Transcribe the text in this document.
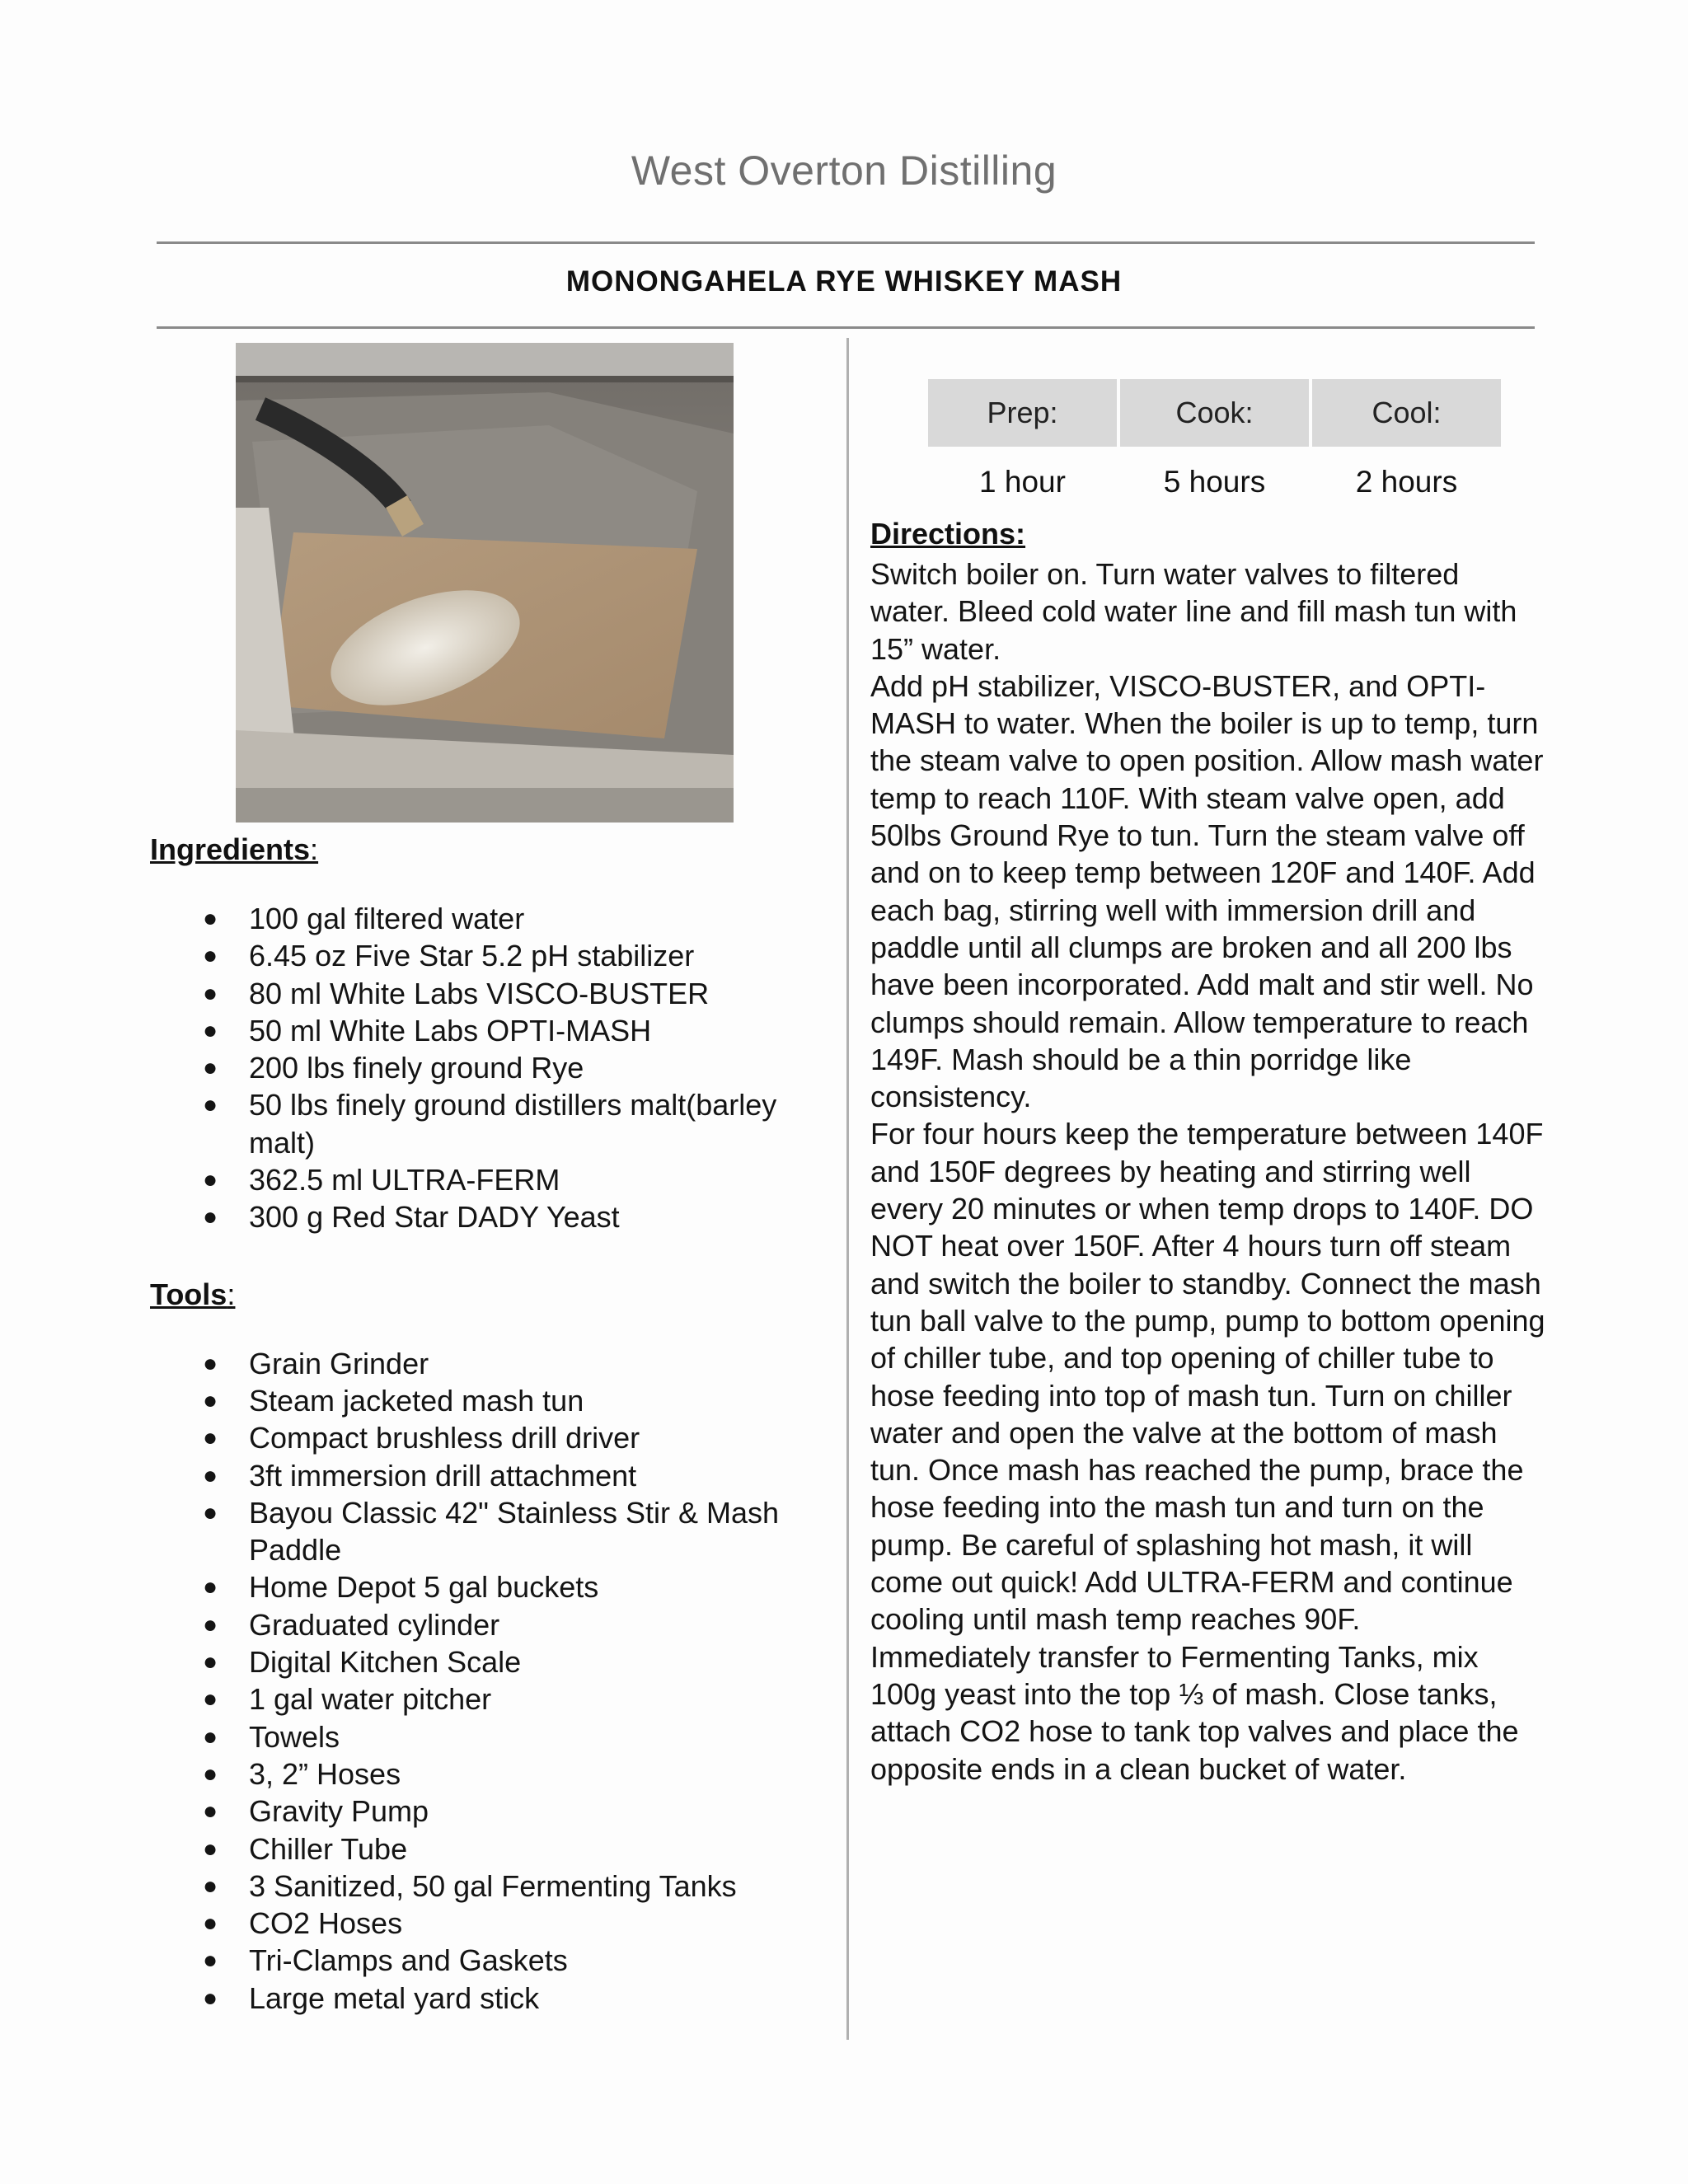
West Overton Distilling
MONONGAHELA RYE WHISKEY MASH
Prep:	Cook:	Cool:
1 hour	5 hours	2 hours
Ingredients:
● 100 gal filtered water
● 6.45 oz Five Star 5.2 pH stabilizer
● 80 ml White Labs VISCO-BUSTER
● 50 ml White Labs OPTI-MASH
● 200 lbs finely ground Rye
● 50 lbs finely ground distillers malt(barley malt)
● 362.5 ml ULTRA-FERM
● 300 g Red Star DADY Yeast
Tools:
● Grain Grinder
● Steam jacketed mash tun
● Compact brushless drill driver
● 3ft immersion drill attachment
● Bayou Classic 42" Stainless Stir & Mash Paddle
● Home Depot 5 gal buckets
● Graduated cylinder
● Digital Kitchen Scale
● 1 gal water pitcher
● Towels
● 3, 2” Hoses
● Gravity Pump
● Chiller Tube
● 3 Sanitized, 50 gal Fermenting Tanks
● CO2 Hoses
● Tri-Clamps and Gaskets
● Large metal yard stick
Directions:

Switch boiler on. Turn water valves to filtered water. Bleed cold water line and fill mash tun with 15” water.

Add pH stabilizer, VISCO-BUSTER, and OPTI-MASH to water. When the boiler is up to temp, turn the steam valve to open position. Allow mash water temp to reach 110F. With steam valve open, add 50lbs Ground Rye to tun. Turn the steam valve off and on to keep temp between 120F and 140F. Add each bag, stirring well with immersion drill and paddle until all clumps are broken and all 200 lbs have been incorporated. Add malt and stir well. No clumps should remain. Allow temperature to reach 149F. Mash should be a thin porridge like consistency.

For four hours keep the temperature between 140F and 150F degrees by heating and stirring well every 20 minutes or when temp drops to 140F. DO NOT heat over 150F. After 4 hours turn off steam and switch the boiler to standby. Connect the mash tun ball valve to the pump, pump to bottom opening of chiller tube, and top opening of chiller tube to hose feeding into top of mash tun. Turn on chiller water and open the valve at the bottom of mash tun. Once mash has reached the pump, brace the hose feeding into the mash tun and turn on the pump. Be careful of splashing hot mash, it will come out quick! Add ULTRA-FERM and continue cooling until mash temp reaches 90F.

Immediately transfer to Fermenting Tanks, mix 100g yeast into the top ⅓ of mash. Close tanks, attach CO2 hose to tank top valves and place the opposite ends in a clean bucket of water.
